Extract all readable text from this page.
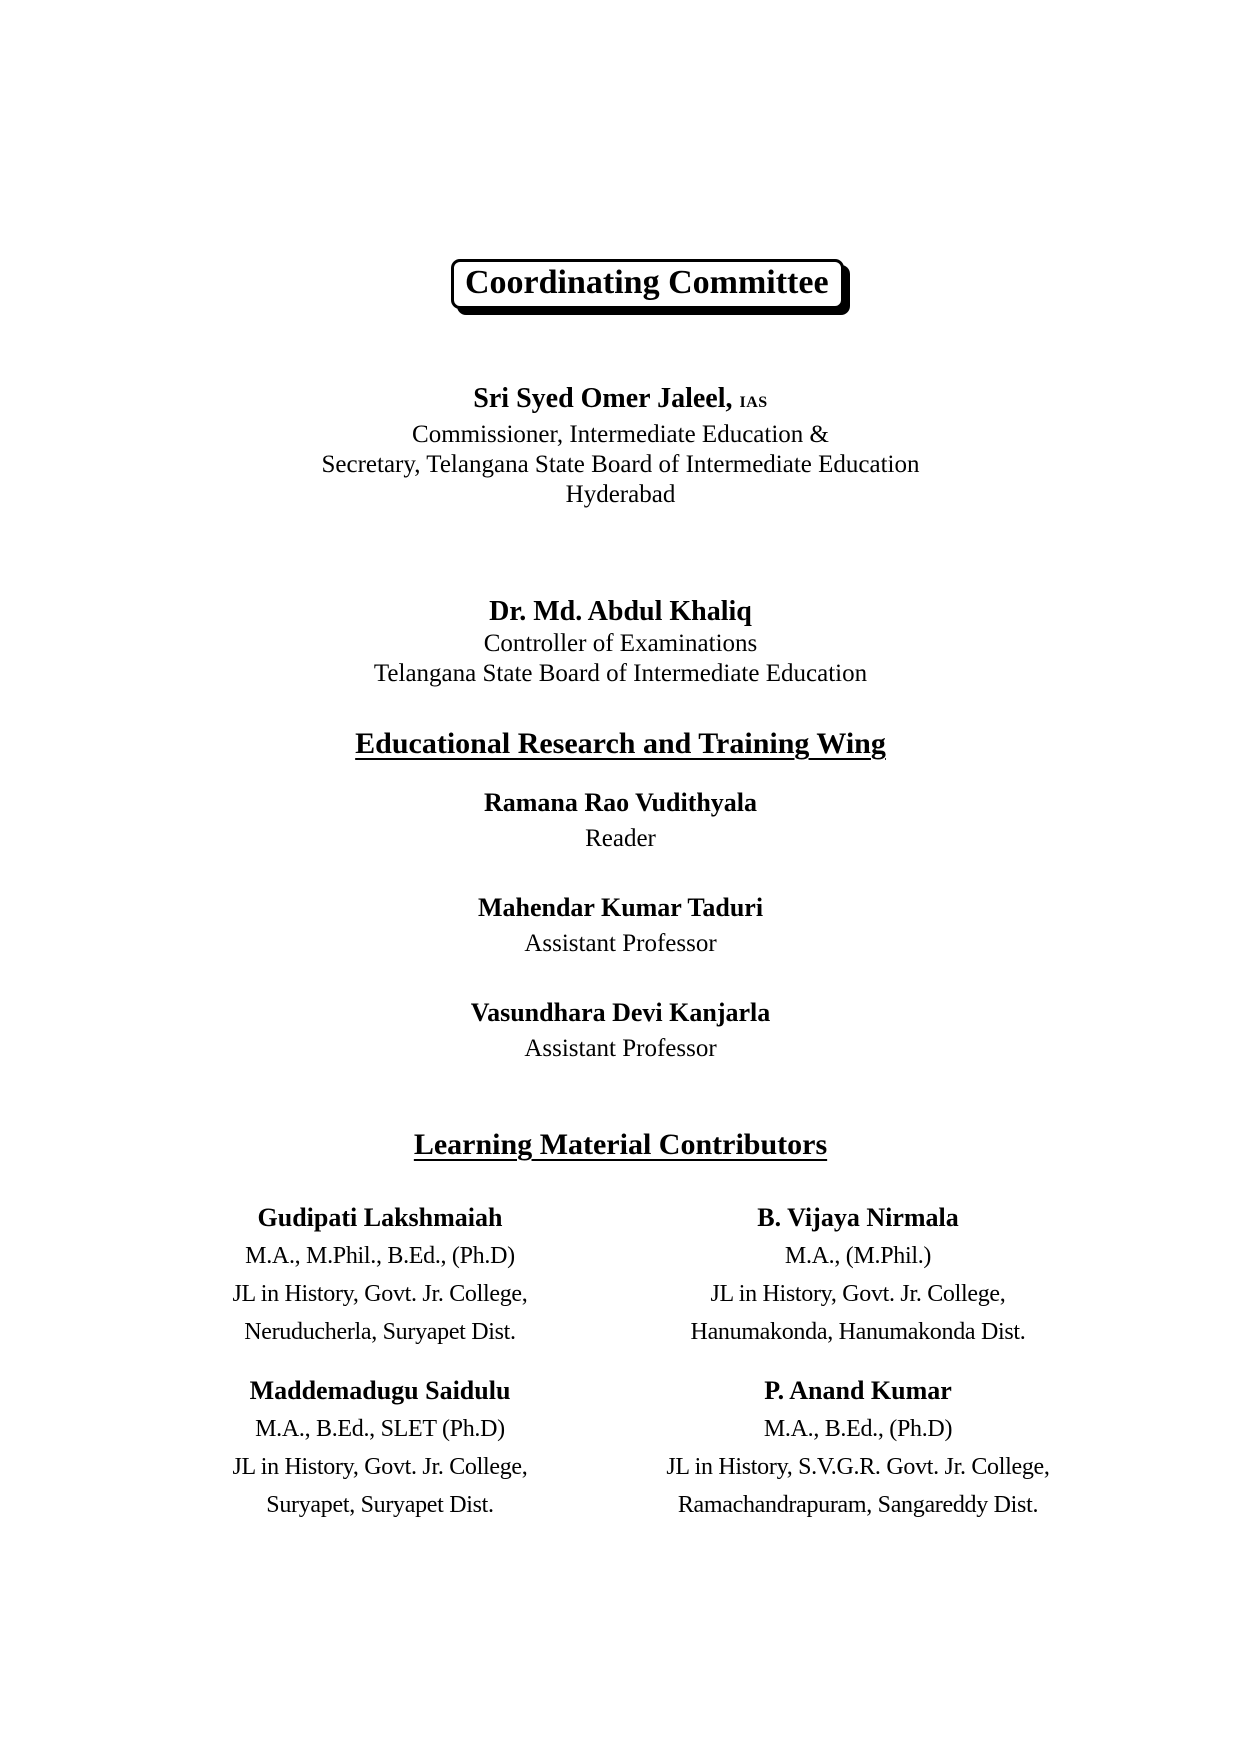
Coordinating Committee
Sri Syed Omer Jaleel, IAS
Commissioner, Intermediate Education &
Secretary, Telangana State Board of Intermediate Education
Hyderabad
Dr. Md. Abdul Khaliq
Controller of Examinations
Telangana State Board of Intermediate Education
Educational Research and Training Wing
Ramana Rao Vudithyala
Reader
Mahendar Kumar Taduri
Assistant Professor
Vasundhara Devi Kanjarla
Assistant Professor
Learning Material Contributors
Gudipati Lakshmaiah
M.A., M.Phil., B.Ed., (Ph.D)
JL in History, Govt. Jr. College,
Neruducherla, Suryapet Dist.
B. Vijaya Nirmala
M.A., (M.Phil.)
JL in History, Govt. Jr. College,
Hanumakonda, Hanumakonda Dist.
Maddemadugu Saidulu
M.A., B.Ed., SLET (Ph.D)
JL in History, Govt. Jr. College,
Suryapet, Suryapet Dist.
P. Anand Kumar
M.A., B.Ed., (Ph.D)
JL in History, S.V.G.R. Govt. Jr. College,
Ramachandrapuram, Sangareddy Dist.
